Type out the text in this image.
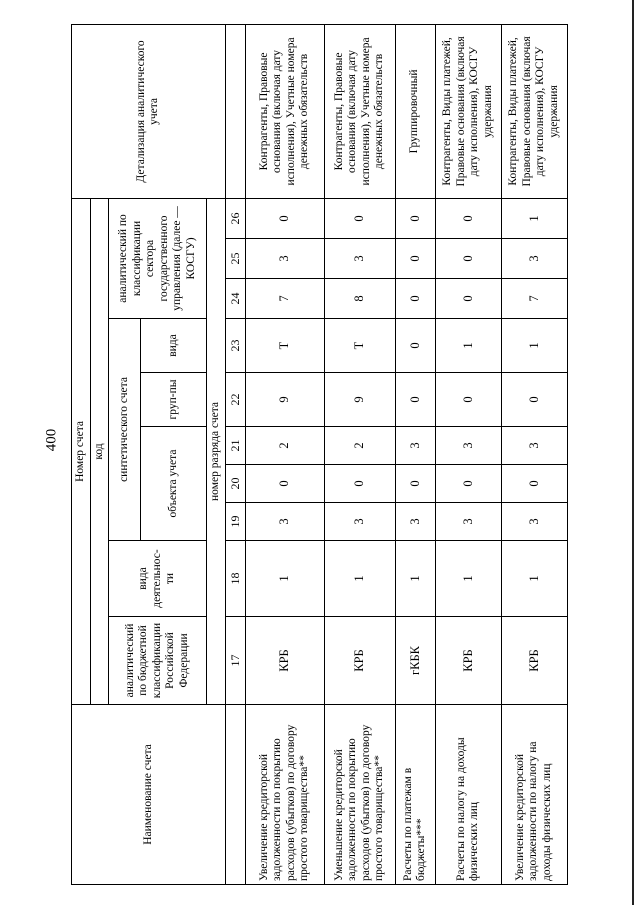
400
Наименование счета	Номер счета										Детализация аналитического учета
	код										
	аналитический по бюджетной классификации Российской Федерации	вида деятельнос-ти	синтетического счета					аналитический по классификации сектора государственного управления (далее — КОСГУ)			
			объекта учета			груп-пы	вида				
	номер разряда счета										
	17	18	19	20	21	22	23	24	25	26	
Увеличение кредиторской задолженности по покрытию расходов (убытков) по договору простого товарищества**	КРБ	1	3	0	2	9	Т	7	3	0	Контрагенты, Правовые основания (включая дату исполнения), Учетные номера денежных обязательств
Уменьшение кредиторской задолженности по покрытию расходов (убытков) по договору простого товарищества**	КРБ	1	3	0	2	9	Т	8	3	0	Контрагенты, Правовые основания (включая дату исполнения), Учетные номера денежных обязательств
Расчеты по платежам в бюджеты***	гКБК	1	3	0	3	0	0	0	0	0	Группировочный
Расчеты по налогу на доходы физических лиц	КРБ	1	3	0	3	0	1	0	0	0	Контрагенты, Виды платежей, Правовые основания (включая дату исполнения), КОСГУ удержания
Увеличение кредиторской задолженности по налогу на доходы физических лиц	КРБ	1	3	0	3	0	1	7	3	1	Контрагенты, Виды платежей, Правовые основания (включая дату исполнения), КОСГУ удержания
